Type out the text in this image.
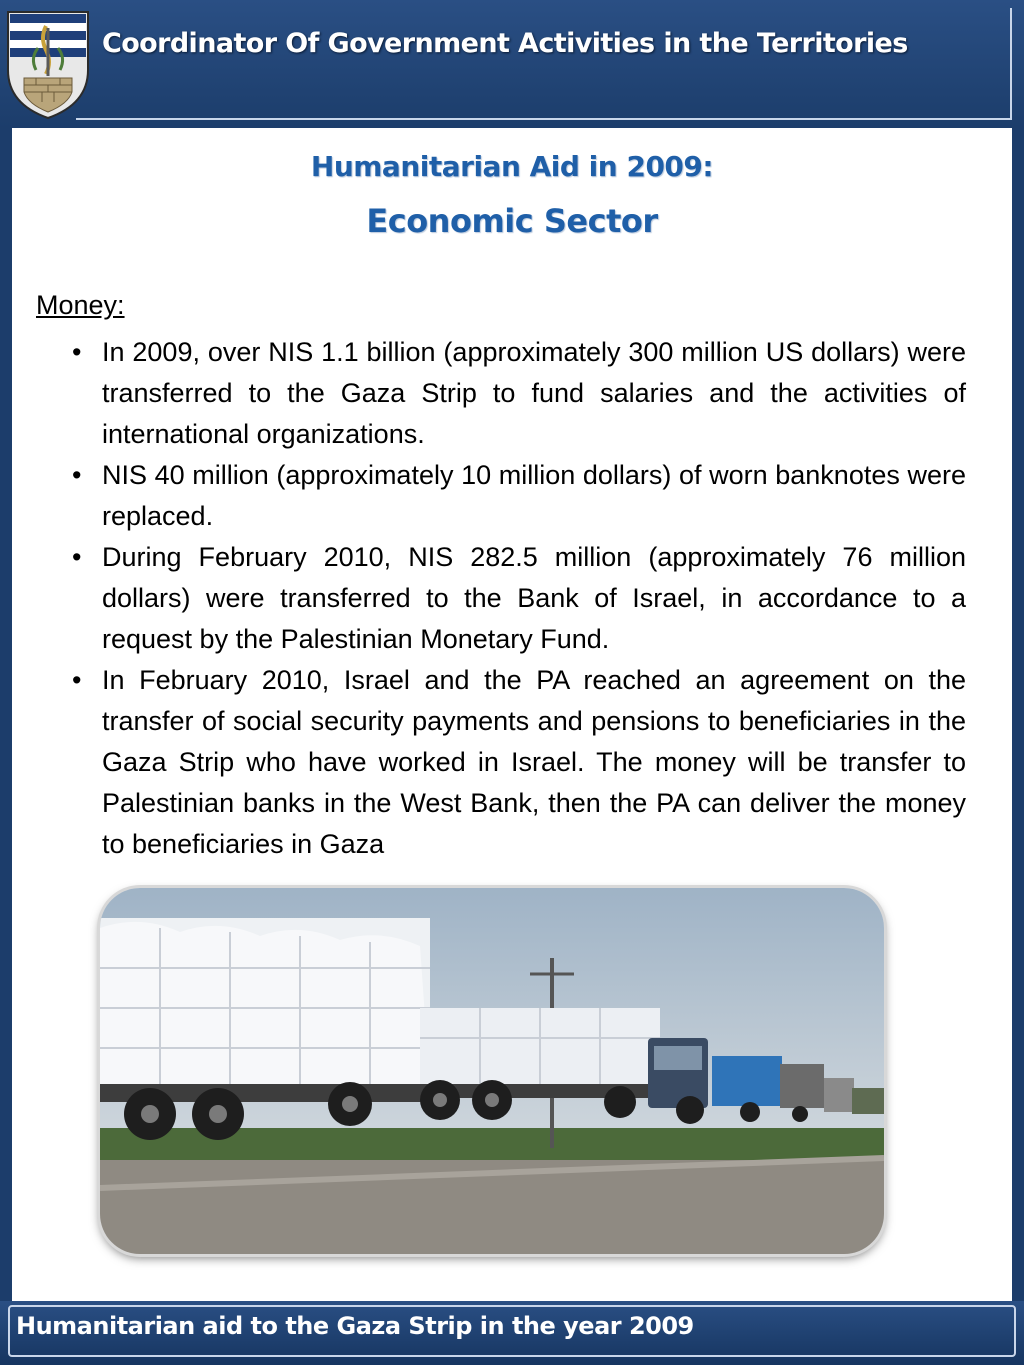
Coordinator Of Government Activities in the Territories
Humanitarian Aid in 2009:
Economic Sector
Money:
• In 2009, over NIS 1.1 billion (approximately 300 million US dollars) were transferred to the Gaza Strip to fund salaries and the activities of international organizations.
• NIS 40 million (approximately 10 million dollars) of worn banknotes were replaced.
• During February 2010, NIS 282.5 million (approximately 76 million dollars) were transferred to the Bank of Israel, in accordance to a request by the Palestinian Monetary Fund.
• In February 2010, Israel and the PA reached an agreement on the transfer of social security payments and pensions to beneficiaries in the Gaza Strip who have worked in Israel. The money will be transfer to Palestinian banks in the West Bank, then the PA can deliver the money to beneficiaries in Gaza
Humanitarian aid to the Gaza Strip in the year 2009
